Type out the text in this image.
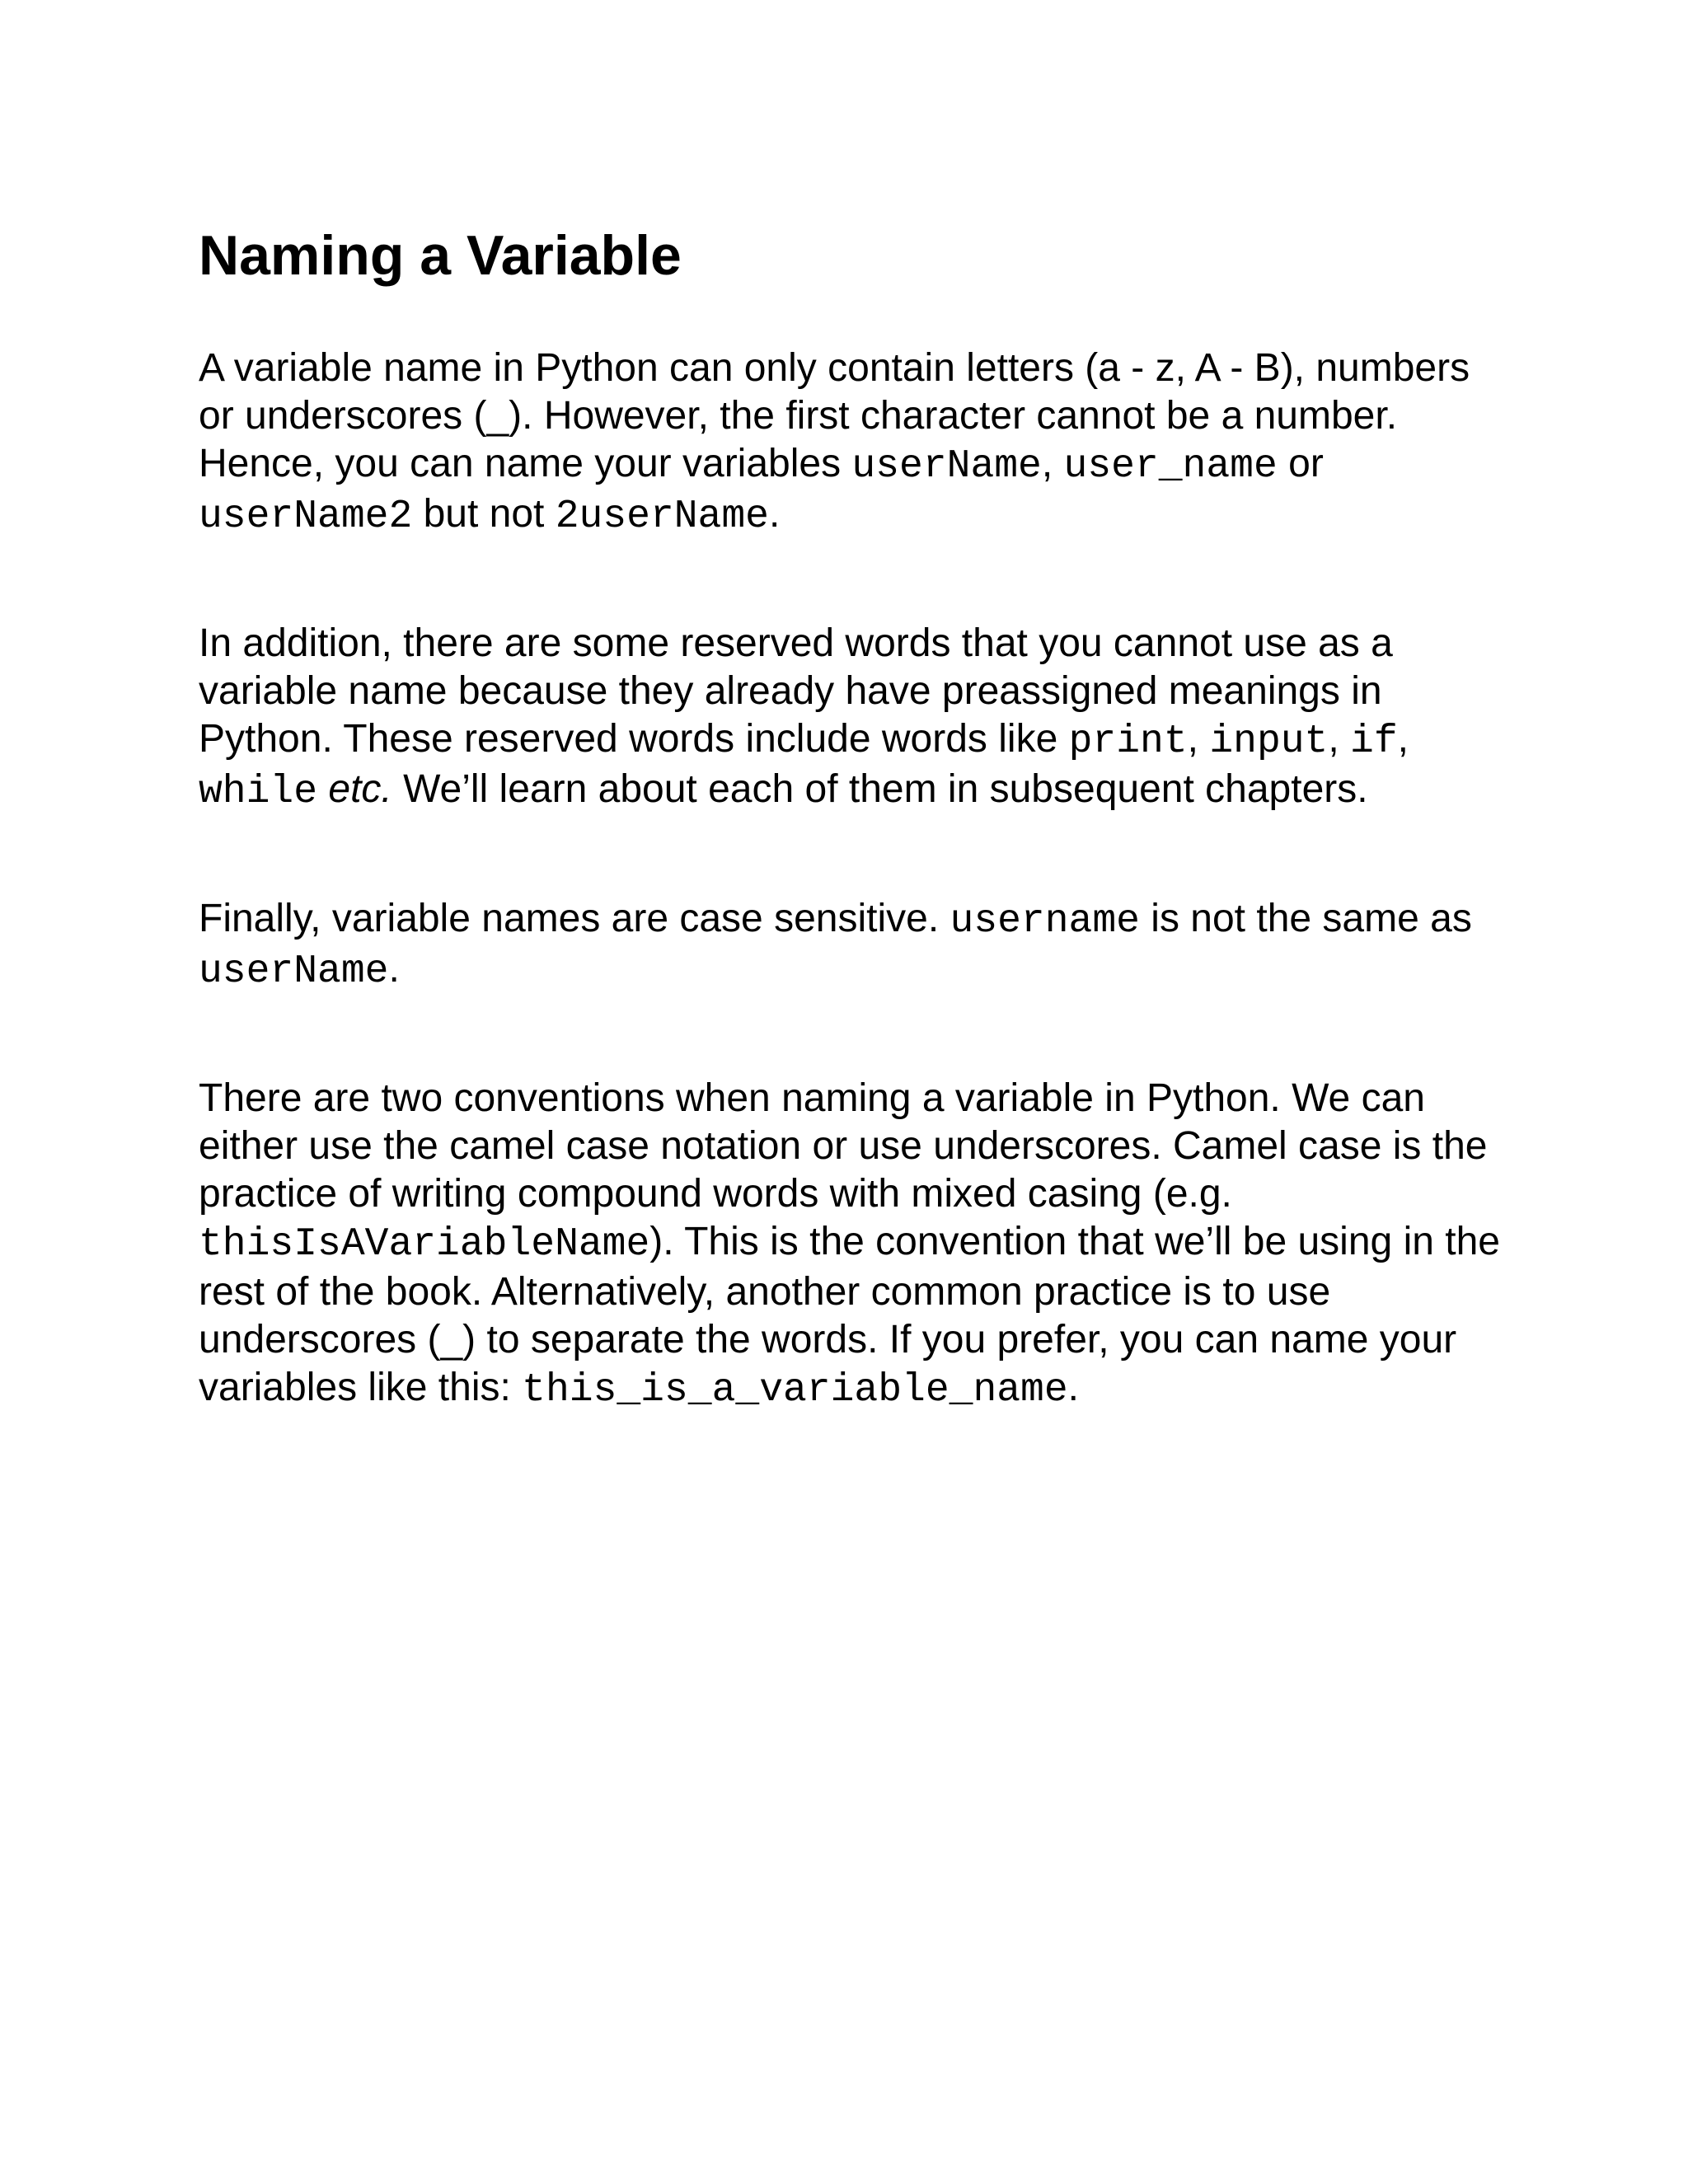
Naming a Variable

A variable name in Python can only contain letters (a - z, A - B), numbers or underscores (_). However, the first character cannot be a number. Hence, you can name your variables userName, user_name or userName2 but not 2userName.

In addition, there are some reserved words that you cannot use as a variable name because they already have preassigned meanings in Python. These reserved words include words like print, input, if, while etc. We’ll learn about each of them in subsequent chapters.

Finally, variable names are case sensitive. username is not the same as userName.

There are two conventions when naming a variable in Python. We can either use the camel case notation or use underscores. Camel case is the practice of writing compound words with mixed casing (e.g. thisIsAVariableName). This is the convention that we’ll be using in the rest of the book. Alternatively, another common practice is to use underscores (_) to separate the words. If you prefer, you can name your variables like this: this_is_a_variable_name.
